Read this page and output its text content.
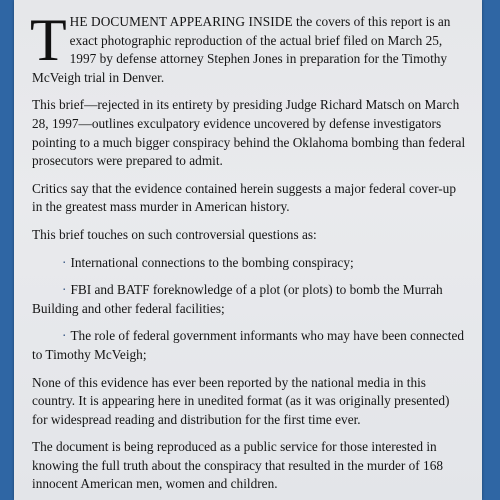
THE DOCUMENT APPEARING INSIDE the covers of this report is an exact photographic reproduction of the actual brief filed on March 25, 1997 by defense attorney Stephen Jones in preparation for the Timothy McVeigh trial in Denver.

This brief—rejected in its entirety by presiding Judge Richard Matsch on March 28, 1997—outlines exculpatory evidence uncovered by defense investigators pointing to a much bigger conspiracy behind the Oklahoma bombing than federal prosecutors were prepared to admit.

Critics say that the evidence contained herein suggests a major federal cover-up in the greatest mass murder in American history.

This brief touches on such controversial questions as:

· International connections to the bombing conspiracy;

· FBI and BATF foreknowledge of a plot (or plots) to bomb the Murrah Building and other federal facilities;

· The role of federal government informants who may have been connected to Timothy McVeigh;

None of this evidence has ever been reported by the national media in this country. It is appearing here in unedited format (as it was originally presented) for widespread reading and distribution for the first time ever.

The document is being reproduced as a public service for those interested in knowing the full truth about the conspiracy that resulted in the murder of 168 innocent American men, women and children.
